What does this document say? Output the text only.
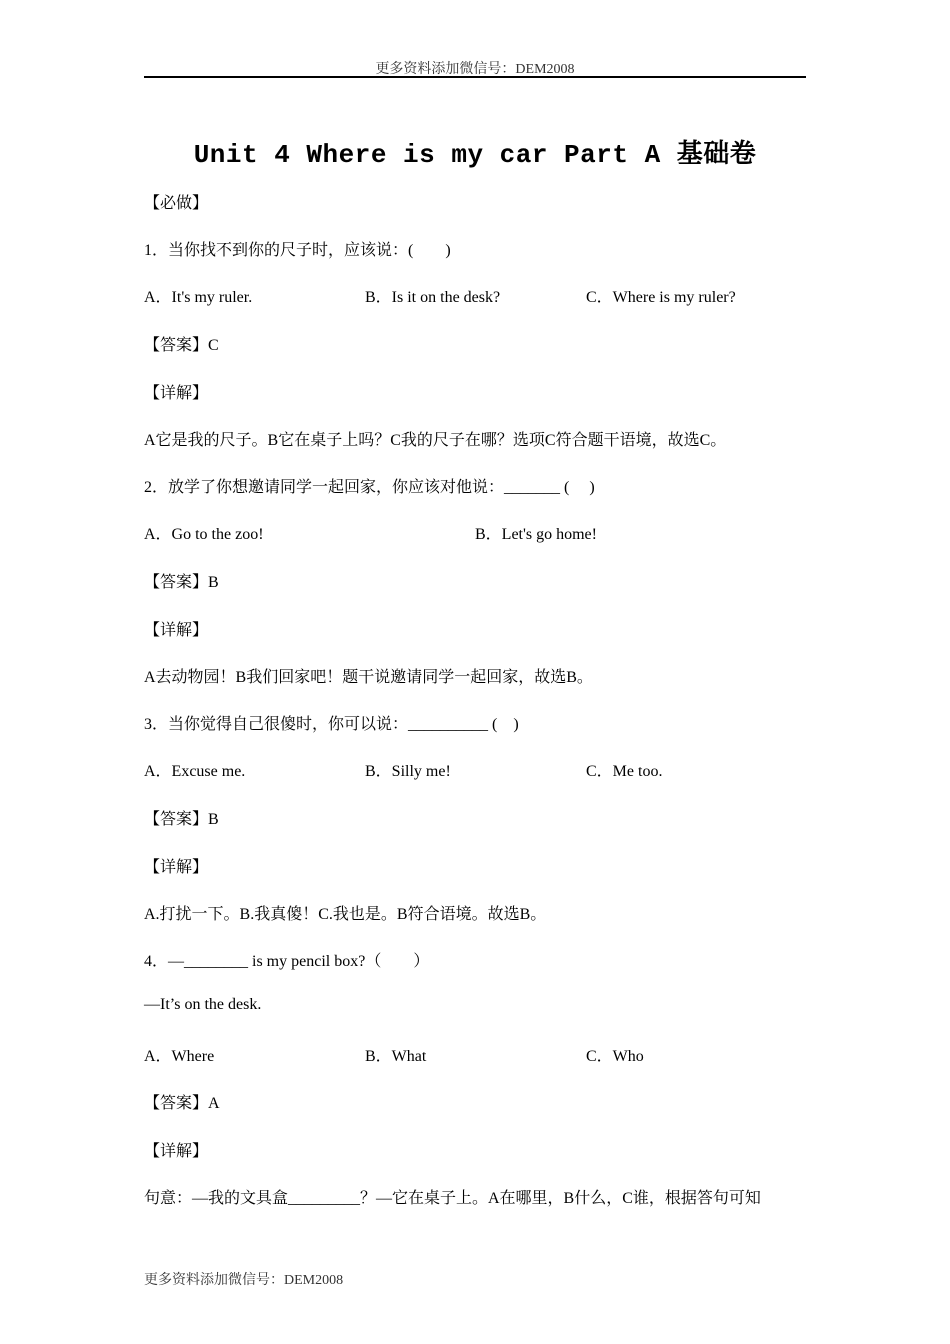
更多资料添加微信号：DEM2008
Unit 4 Where is my car Part A 基础卷
【必做】
1．当你找不到你的尺子时，应该说：(　　)
A．It's my ruler.	B．Is it on the desk?	C．Where is my ruler?
【答案】C
【详解】
A它是我的尺子。B它在桌子上吗？C我的尺子在哪？选项C符合题干语境，故选C。
2．放学了你想邀请同学一起回家，你应该对他说：_______ (　 )
A．Go to the zoo!	B．Let's go home!
【答案】B
【详解】
A去动物园！B我们回家吧！题干说邀请同学一起回家，故选B。
3．当你觉得自己很傻时，你可以说：__________ (　)
A．Excuse me.	B．Silly me!	C．Me too.
【答案】B
【详解】
A.打扰一下。B.我真傻！C.我也是。B符合语境。故选B。
4．—________ is my pencil box?（　　）
—It’s on the desk.
A．Where	B．What	C．Who
【答案】A
【详解】
句意：—我的文具盒_________？—它在桌子上。A在哪里，B什么，C谁，根据答句可知
更多资料添加微信号：DEM2008
